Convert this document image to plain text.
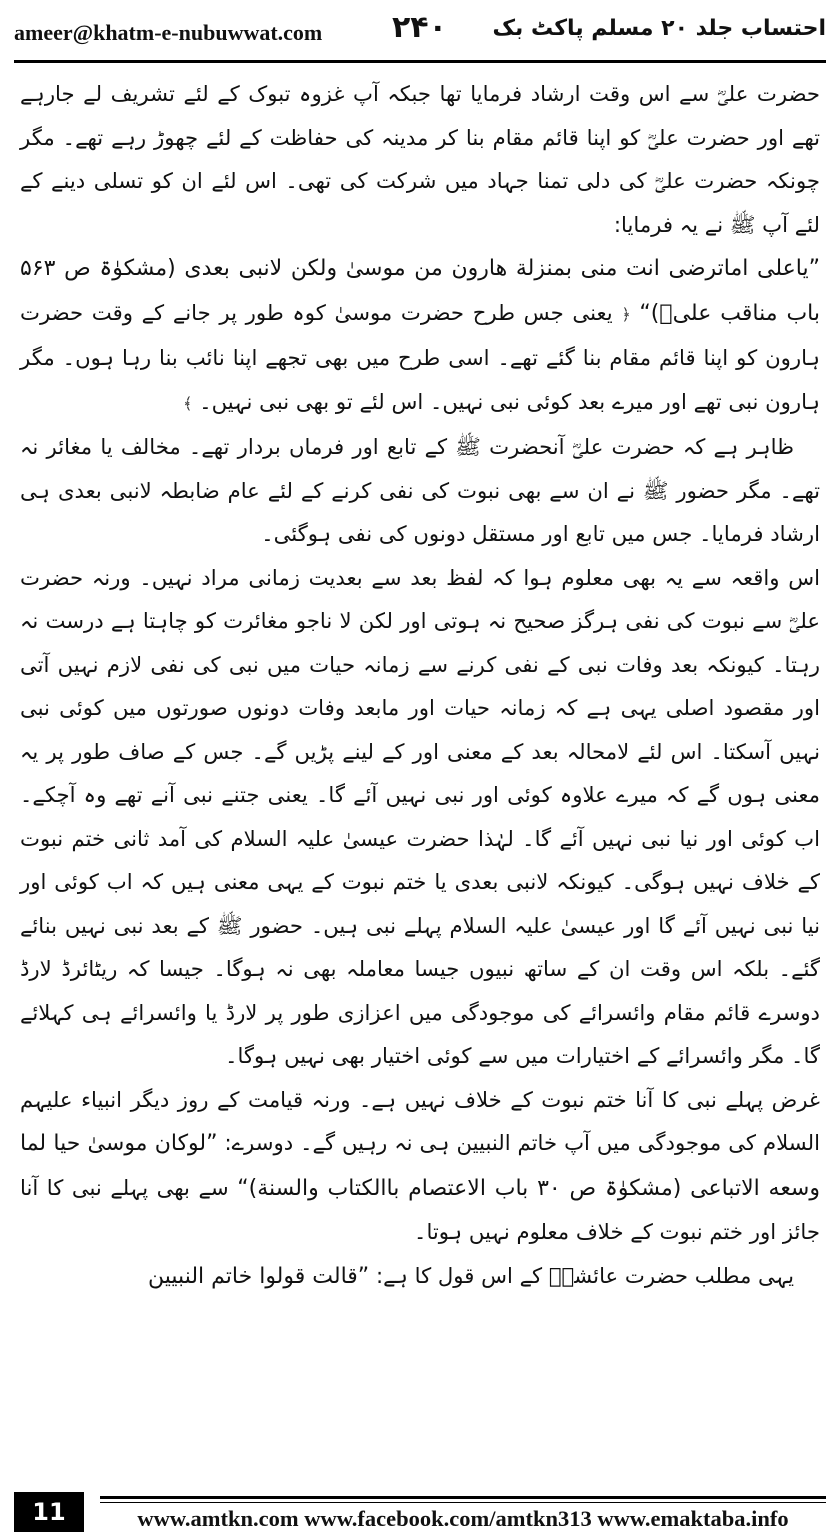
ameer@khatm-e-nubuwwat.com ۲۴۰ احتساب جلد ۲۰ مسلم پاکٹ بک

حضرت علیؓ سے اس وقت ارشاد فرمایا تھا جبکہ آپ غزوہ تبوک کے لئے تشریف لے جارہے تھے اور حضرت علیؓ کو اپنا قائم مقام بنا کر مدینہ کی حفاظت کے لئے چھوڑ رہے تھے۔ مگر چونکہ حضرت علیؓ کی دلی تمنا جہاد میں شرکت کی تھی۔ اس لئے ان کو تسلی دینے کے لئے آپ ﷺ نے یہ فرمایا:

”یاعلی اماترضی انت منی بمنزلة هارون من موسیٰ ولکن لانبی بعدی (مشکوٰۃ ص ۵۶۳ باب مناقب علیؓ)“ ﴿ یعنی جس طرح حضرت موسیٰ کوہ طور پر جانے کے وقت حضرت ہارون کو اپنا قائم مقام بنا گئے تھے۔ اسی طرح میں بھی تجھے اپنا نائب بنا رہا ہوں۔ مگر ہارون نبی تھے اور میرے بعد کوئی نبی نہیں۔ اس لئے تو بھی نبی نہیں۔ ﴾

ظاہر ہے کہ حضرت علیؓ آنحضرت ﷺ کے تابع اور فرماں بردار تھے۔ مخالف یا مغائر نہ تھے۔ مگر حضور ﷺ نے ان سے بھی نبوت کی نفی کرنے کے لئے عام ضابطہ لانبی بعدی ہی ارشاد فرمایا۔ جس میں تابع اور مستقل دونوں کی نفی ہوگئی۔

اس واقعہ سے یہ بھی معلوم ہوا کہ لفظ بعد سے بعدیت زمانی مراد نہیں۔ ورنہ حضرت علیؓ سے نبوت کی نفی ہرگز صحیح نہ ہوتی اور لکن لا ناجو مغائرت کو چاہتا ہے درست نہ رہتا۔ کیونکہ بعد وفات نبی کے نفی کرنے سے زمانہ حیات میں نبی کی نفی لازم نہیں آتی اور مقصود اصلی یہی ہے کہ زمانہ حیات اور مابعد وفات دونوں صورتوں میں کوئی نبی نہیں آسکتا۔ اس لئے لامحالہ بعد کے معنی اور کے لینے پڑیں گے۔ جس کے صاف طور پر یہ معنی ہوں گے کہ میرے علاوہ کوئی اور نبی نہیں آئے گا۔ یعنی جتنے نبی آنے تھے وہ آچکے۔ اب کوئی اور نیا نبی نہیں آئے گا۔ لہٰذا حضرت عیسیٰ علیہ السلام کی آمد ثانی ختم نبوت کے خلاف نہیں ہوگی۔ کیونکہ لانبی بعدی یا ختم نبوت کے یہی معنی ہیں کہ اب کوئی اور نیا نبی نہیں آئے گا اور عیسیٰ علیہ السلام پہلے نبی ہیں۔ حضور ﷺ کے بعد نبی نہیں بنائے گئے۔ بلکہ اس وقت ان کے ساتھ نبیوں جیسا معاملہ بھی نہ ہوگا۔ جیسا کہ ریٹائرڈ لارڈ دوسرے قائم مقام وائسرائے کی موجودگی میں اعزازی طور پر لارڈ یا وائسرائے ہی کہلائے گا۔ مگر وائسرائے کے اختیارات میں سے کوئی اختیار بھی نہیں ہوگا۔

غرض پہلے نبی کا آنا ختم نبوت کے خلاف نہیں ہے۔ ورنہ قیامت کے روز دیگر انبیاء علیہم السلام کی موجودگی میں آپ خاتم النبیین ہی نہ رہیں گے۔ دوسرے: ”لوکان موسیٰ حیا لما وسعه الاتباعی (مشکوٰۃ ص ۳۰ باب الاعتصام باالکتاب والسنة)“ سے بھی پہلے نبی کا آنا جائز اور ختم نبوت کے خلاف معلوم نہیں ہوتا۔

یہی مطلب حضرت عائشہؓ کے اس قول کا ہے: ”قالت قولوا خاتم النبیین

11	www.amtkn.com www.facebook.com/amtkn313 www.emaktaba.info
